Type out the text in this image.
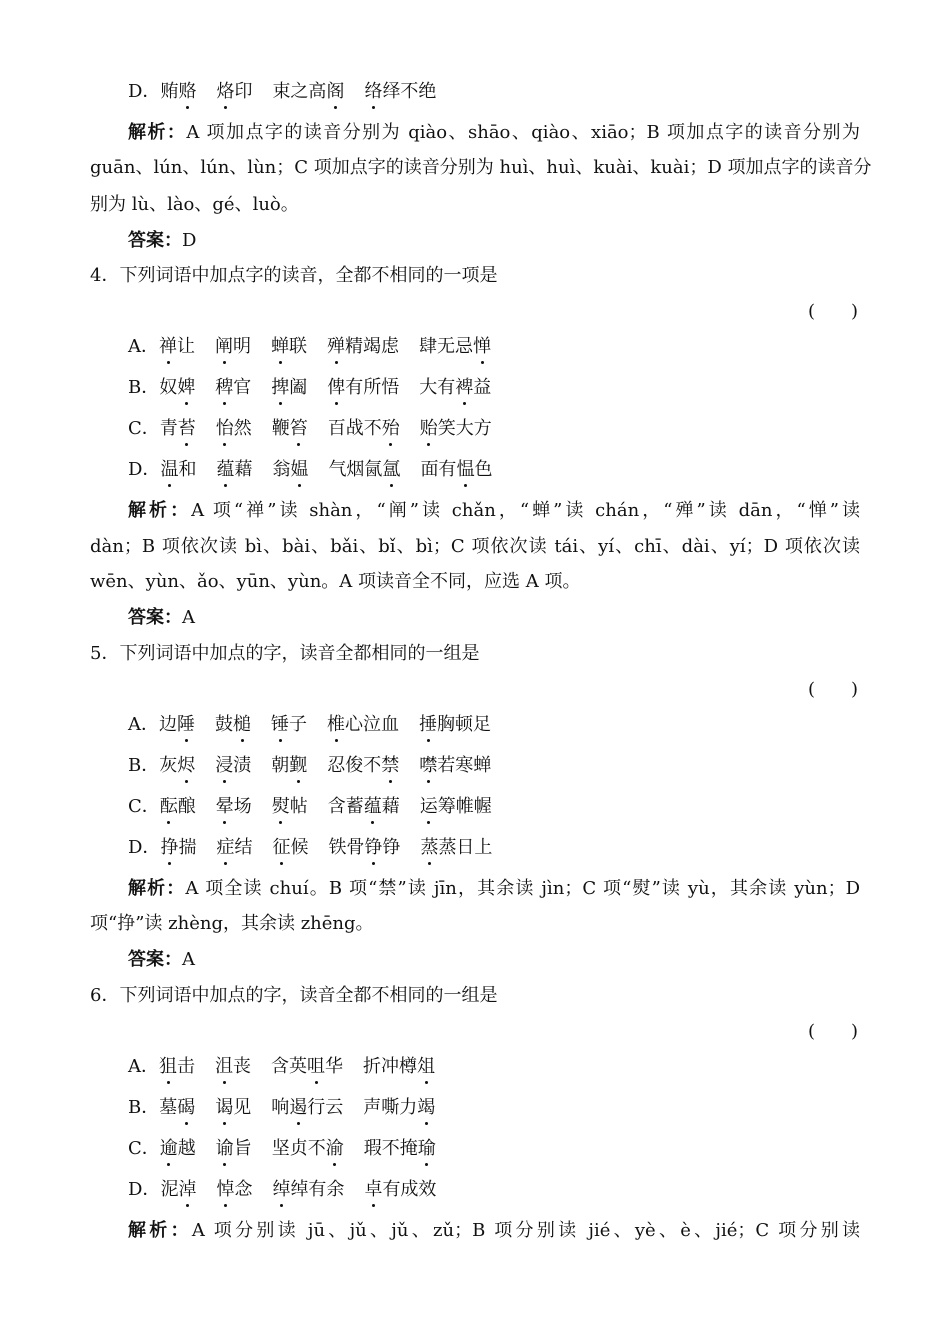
D．贿赂 烙印 束之高阁 络绎不绝
解析：A 项加点字的读音分别为 qiào、shāo、qiào、xiāo；B 项加点字的读音分别为
guān、lún、lún、lùn；C 项加点字的读音分别为 huì、huì、kuài、kuài；D 项加点字的读音分
别为 lù、lào、gé、luò。
答案：D
4．下列词语中加点字的读音，全都不相同的一项是
(　　)
A．禅让 阐明 蝉联 殚精竭虑 肆无忌惮
B．奴婢 稗官 捭阖 俾有所悟 大有裨益
C．青苔 怡然 鞭笞 百战不殆 贻笑大方
D．温和 蕴藉 翁媪 气烟氤氲 面有愠色
解析：A 项“禅”读 shàn，“阐”读 chǎn，“蝉”读 chán，“殚”读 dān，“惮”读
dàn；B 项依次读 bì、bài、bǎi、bǐ、bì；C 项依次读 tái、yí、chī、dài、yí；D 项依次读
wēn、yùn、ǎo、yūn、yùn。A 项读音全不同，应选 A 项。
答案：A
5．下列词语中加点的字，读音全都相同的一组是
(　　)
A．边陲 鼓槌 锤子 椎心泣血 捶胸顿足
B．灰烬 浸渍 朝觐 忍俊不禁 噤若寒蝉
C．酝酿 晕场 熨帖 含蓄蕴藉 运筹帷幄
D．挣揣 症结 征候 铁骨铮铮 蒸蒸日上
解析：A 项全读 chuí。B 项“禁”读 jīn，其余读 jìn；C 项“熨”读 yù，其余读 yùn；D
项“挣”读 zhèng，其余读 zhēng。
答案：A
6．下列词语中加点的字，读音全都不相同的一组是
(　　)
A．狙击 沮丧 含英咀华 折冲樽俎
B．墓碣 谒见 响遏行云 声嘶力竭
C．逾越 谕旨 坚贞不渝 瑕不掩瑜
D．泥淖 悼念 绰绰有余 卓有成效
解析：A 项分别读 jū、jǔ、jǔ、zǔ；B 项分别读 jié、yè、è、jié；C 项分别读
